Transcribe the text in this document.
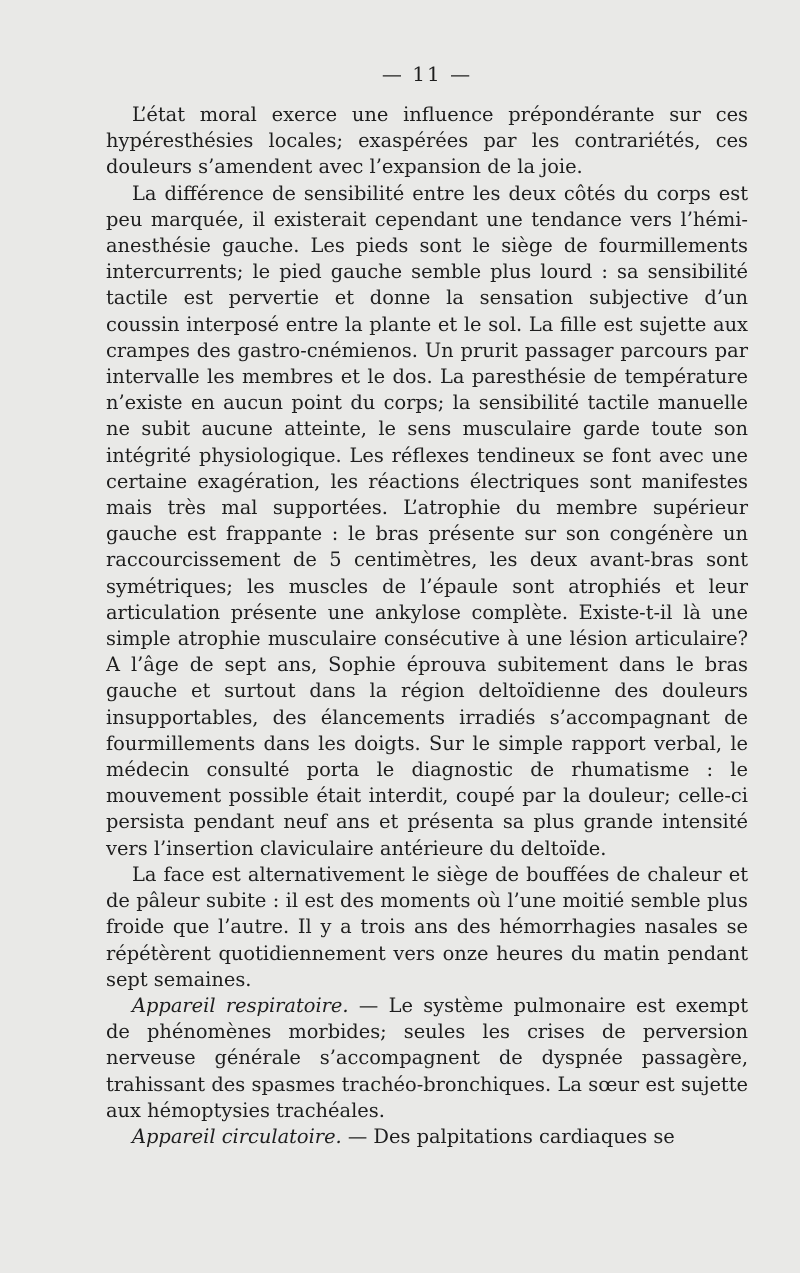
— 11 —

L’état moral exerce une influence prépondérante sur ces hypéresthésies locales; exaspérées par les contrariétés, ces douleurs s’amendent avec l’expansion de la joie.

La différence de sensibilité entre les deux côtés du corps est peu marquée, il existerait cependant une tendance vers l’hémi-anesthésie gauche. Les pieds sont le siège de fourmillements intercurrents; le pied gauche semble plus lourd : sa sensibilité tactile est pervertie et donne la sensation subjective d’un coussin interposé entre la plante et le sol. La fille est sujette aux crampes des gastro-cnémienos. Un prurit passager parcours par intervalle les membres et le dos. La paresthésie de température n’existe en aucun point du corps; la sensibilité tactile manuelle ne subit aucune atteinte, le sens musculaire garde toute son intégrité physiologique. Les réflexes tendineux se font avec une certaine exagération, les réactions électriques sont manifestes mais très mal supportées. L’atrophie du membre supérieur gauche est frappante : le bras présente sur son congénère un raccourcissement de 5 centimètres, les deux avant-bras sont symétriques; les muscles de l’épaule sont atrophiés et leur articulation présente une ankylose complète. Existe-t-il là une simple atrophie musculaire consécutive à une lésion articulaire? A l’âge de sept ans, Sophie éprouva subitement dans le bras gauche et surtout dans la région deltoïdienne des douleurs insupportables, des élancements irradiés s’accompagnant de fourmillements dans les doigts. Sur le simple rapport verbal, le médecin consulté porta le diagnostic de rhumatisme : le mouvement possible était interdit, coupé par la douleur; celle-ci persista pendant neuf ans et présenta sa plus grande intensité vers l’insertion claviculaire antérieure du deltoïde.

La face est alternativement le siège de bouffées de chaleur et de pâleur subite : il est des moments où l’une moitié semble plus froide que l’autre. Il y a trois ans des hémorrhagies nasales se répétèrent quotidiennement vers onze heures du matin pendant sept semaines.

Appareil respiratoire. — Le système pulmonaire est exempt de phénomènes morbides; seules les crises de perversion nerveuse générale s’accompagnent de dyspnée passagère, trahissant des spasmes trachéo-bronchiques. La sœur est sujette aux hémoptysies trachéales.

Appareil circulatoire. — Des palpitations cardiaques se
